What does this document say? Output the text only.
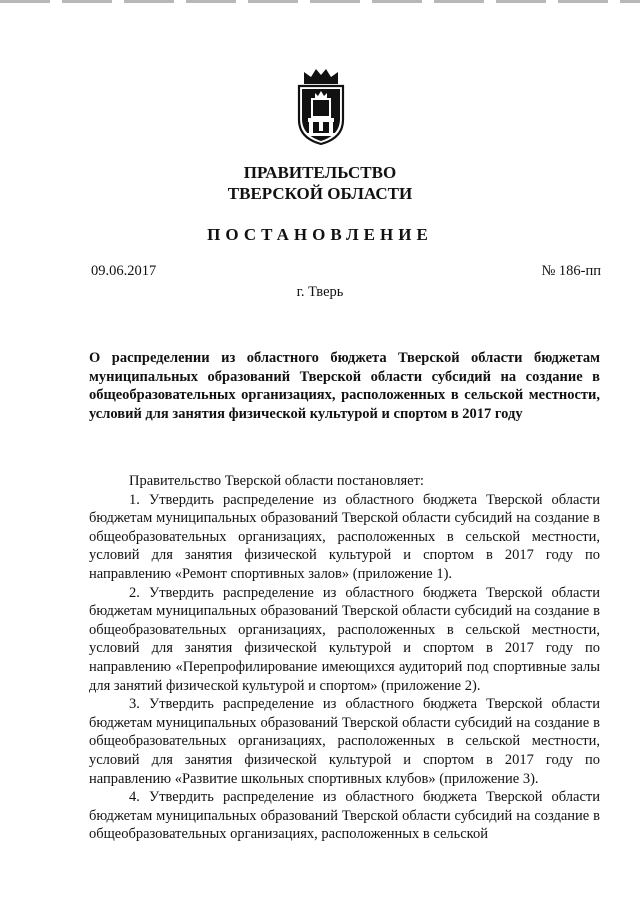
ПРАВИТЕЛЬСТВО
ТВЕРСКОЙ ОБЛАСТИ
ПОСТАНОВЛЕНИЕ
09.06.2017	№ 186-пп
г. Тверь
О распределении из областного бюджета Тверской области бюджетам муниципальных образований Тверской области субсидий на создание в общеобразовательных организациях, расположенных в сельской местности, условий для занятия физической культурой и спортом в 2017 году

Правительство Тверской области постановляет:

1. Утвердить распределение из областного бюджета Тверской области бюджетам муниципальных образований Тверской области субсидий на создание в общеобразовательных организациях, расположенных в сельской местности, условий для занятия физической культурой и спортом в 2017 году по направлению «Ремонт спортивных залов» (приложение 1).

2. Утвердить распределение из областного бюджета Тверской области бюджетам муниципальных образований Тверской области субсидий на создание в общеобразовательных организациях, расположенных в сельской местности, условий для занятия физической культурой и спортом в 2017 году по направлению «Перепрофилирование имеющихся аудиторий под спортивные залы для занятий физической культурой и спортом» (приложение 2).

3. Утвердить распределение из областного бюджета Тверской области бюджетам муниципальных образований Тверской области субсидий на создание в общеобразовательных организациях, расположенных в сельской местности, условий для занятия физической культурой и спортом в 2017 году по направлению «Развитие школьных спортивных клубов» (приложение 3).

4. Утвердить распределение из областного бюджета Тверской области бюджетам муниципальных образований Тверской области субсидий на создание в общеобразовательных организациях, расположенных в сельской
